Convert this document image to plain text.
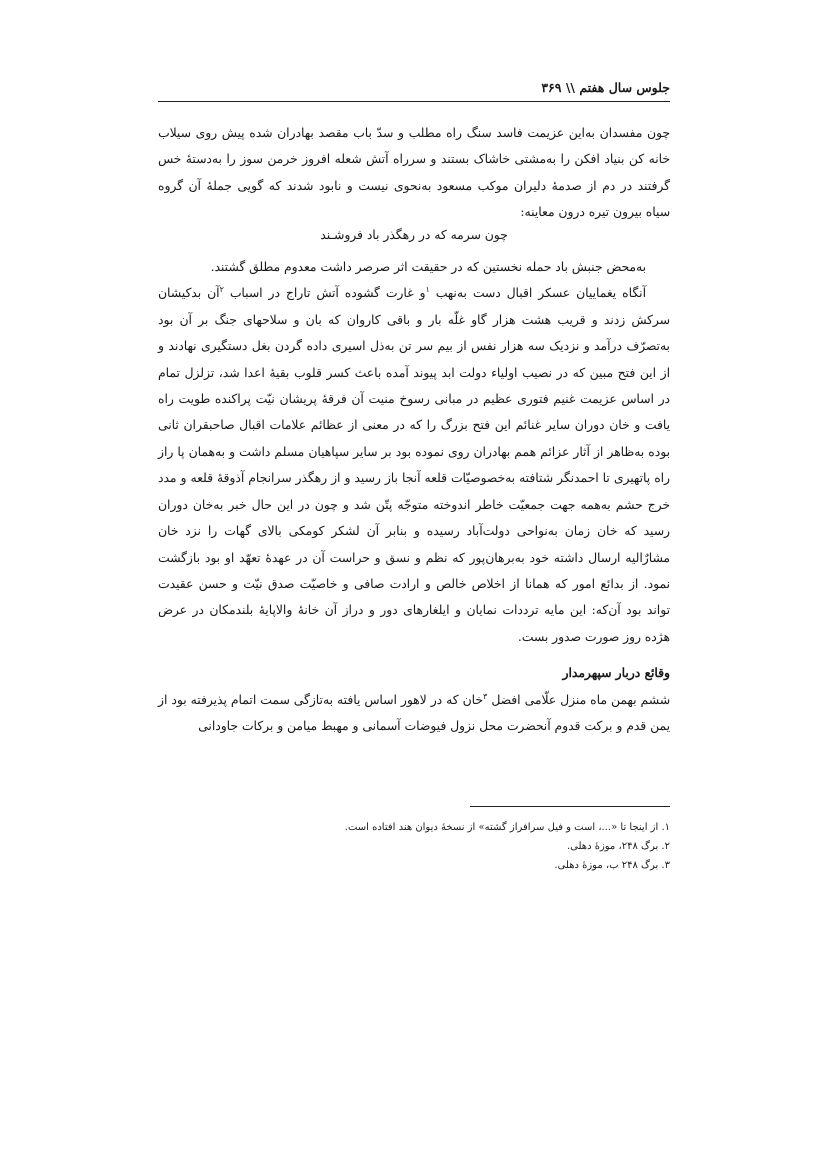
جلوس سال هفتم \\ ۳۶۹

چون مفسدان به‌این عزیمت فاسد سنگ راه مطلب و سدّ باب مقصد بهادران شده پیش روی سیلاب خانه کن بنیاد افکن را به‌مشتی خاشاک بستند و سرراه آتش شعله افروز خرمن سوز را به‌دستهٔ خس گرفتند در دم از صدمهٔ دلیران موکب مسعود به‌نحوی نیست و نابود شدند که گویی جملهٔ آن گروه سیاه بیرون تیره درون معاینه:

چون سرمه که در رهگذر باد فروشـند

به‌محض جنبش باد حمله نخستین که در حقیقت اثر صرصر داشت معدوم مطلق گشتند.

آنگاه یغماییان عسکر اقبال دست به‌نهب $^۱$و غارت گشوده آتش تاراج در اسباب $^۲$آن بدکیشان سرکش زدند و قریب هشت هزار گاو غلّه بار و باقی کاروان که بان و سلاحهای جنگ بر آن بود به‌تصرّف درآمد و نزدیک سه هزار نفس از بیم سر تن به‌ذل اسیری داده گردن بغل دستگیری نهادند و از این فتح مبین که در نصیب اولیاء دولت ابد پیوند آمده باعث کسر قلوب بقیهٔ اعدا شد، تزلزل تمام در اساس عزیمت غنیم فتوری عظیم در مبانی رسوخ منیت آن فرقهٔ پریشان نیّت پراکنده طویت راه یافت و خان دوران سایر غنائم این فتح بزرگ را که در معنی از عظائم علامات اقبال صاحبقران ثانی بوده به‌ظاهر از آثار عزائم همم بهادران روی نموده بود بر سایر سپاهیان مسلم داشت و به‌همان پا راز راه پاتهیری تا احمدنگر شتافته به‌خصوصیّات قلعه آنجا باز رسید و از رهگذر سرانجام آذوقهٔ قلعه و مدد خرج حشم به‌همه جهت جمعیّت خاطر اندوخته متوجّه پتّن شد و چون در این حال خبر به‌خان دوران رسید که خان زمان به‌نواحی دولت‌آباد رسیده و بنابر آن لشکر کومکی بالای گهات را نزد خان مشارٌالیه ارسال داشته خود به‌برهان‌پور که نظم و نسق و حراست آن در عهدهٔ تعهّد او بود بازگشت نمود. از بدائع امور که همانا از اخلاص خالص و ارادت صافی و خاصیّت صدق نیّت و حسن عقیدت تواند بود آن‌که: این مایه ترددات نمایان و ایلغارهای دور و دراز آن خانهٔ والاپایهٔ بلندمکان در عرض هژده روز صورت صدور بست.

وقائع دربار سپهرمدار

ششم بهمن ماه منزل علّامی افضل $^۳$خان که در لاهور اساس یافته به‌تازگی سمت اتمام پذیرفته بود از یمن قدم و برکت قدوم آنحضرت محل نزول فیوضات آسمانی و مهبط میامن و برکات جاودانی

۱. از اینجا تا «...، است و فیل سرافراز گشته» از نسخهٔ دیوان هند افتاده است.
۲. برگ ۲۴۸، موزهٔ دهلی.
۳. برگ ۲۴۸ ب، موزهٔ دهلی.
